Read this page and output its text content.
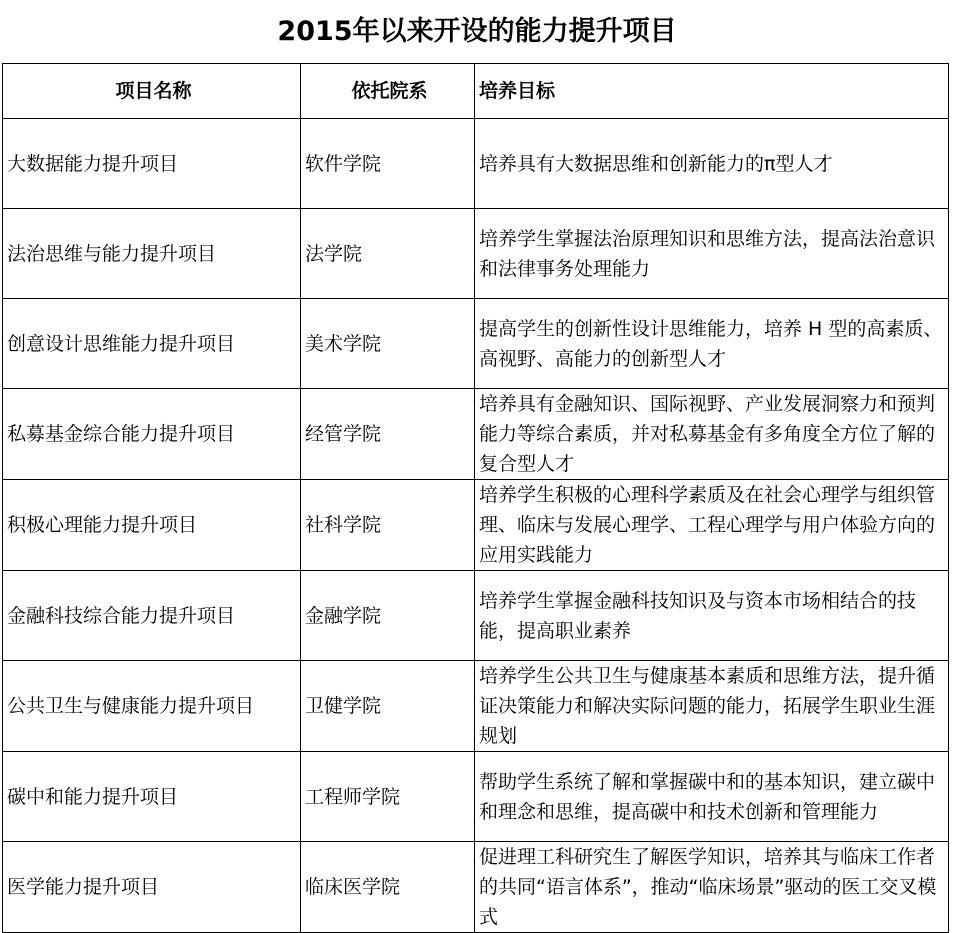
2015年以来开设的能力提升项目
项目名称	依托院系	培养目标
大数据能力提升项目	软件学院	培养具有大数据思维和创新能力的π型人才
法治思维与能力提升项目	法学院	培养学生掌握法治原理知识和思维方法，提高法治意识和法律事务处理能力
创意设计思维能力提升项目	美术学院	提高学生的创新性设计思维能力，培养 H 型的高素质、高视野、高能力的创新型人才
私募基金综合能力提升项目	经管学院	培养具有金融知识、国际视野、产业发展洞察力和预判能力等综合素质，并对私募基金有多角度全方位了解的复合型人才
积极心理能力提升项目	社科学院	培养学生积极的心理科学素质及在社会心理学与组织管理、临床与发展心理学、工程心理学与用户体验方向的应用实践能力
金融科技综合能力提升项目	金融学院	培养学生掌握金融科技知识及与资本市场相结合的技能，提高职业素养
公共卫生与健康能力提升项目	卫健学院	培养学生公共卫生与健康基本素质和思维方法，提升循证决策能力和解决实际问题的能力，拓展学生职业生涯规划
碳中和能力提升项目	工程师学院	帮助学生系统了解和掌握碳中和的基本知识，建立碳中和理念和思维，提高碳中和技术创新和管理能力
医学能力提升项目	临床医学院	促进理工科研究生了解医学知识，培养其与临床工作者的共同“语言体系”，推动“临床场景”驱动的医工交叉模式
